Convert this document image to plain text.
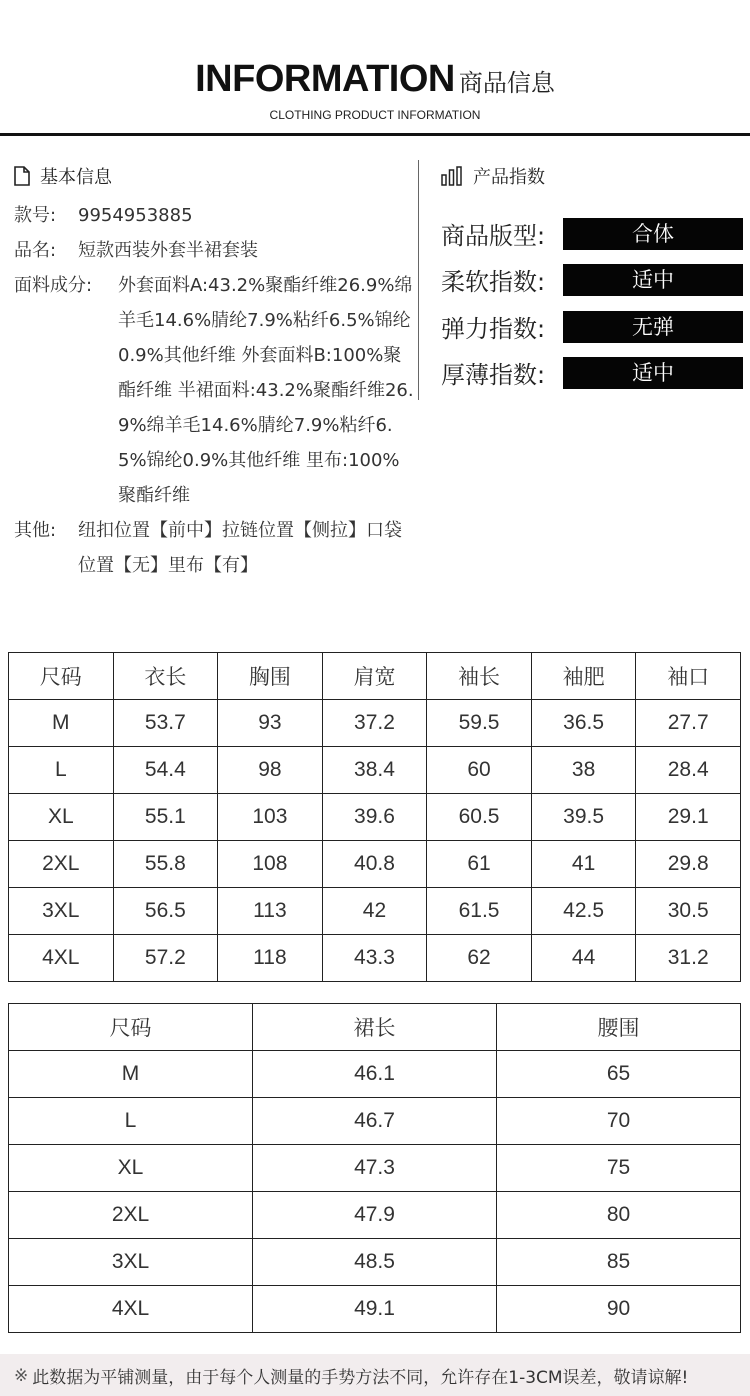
INFORMATION 商品信息
CLOTHING PRODUCT INFORMATION
基本信息
款号:	9954953885
品名:	短款西装外套半裙套装
面料成分:	外套面料A:43.2%聚酯纤维26.9%绵羊毛14.6%腈纶7.9%粘纤6.5%锦纶0.9%其他纤维 外套面料B:100%聚酯纤维 半裙面料:43.2%聚酯纤维26.9%绵羊毛14.6%腈纶7.9%粘纤6.5%锦纶0.9%其他纤维 里布:100%聚酯纤维
其他:	纽扣位置【前中】拉链位置【侧拉】口袋位置【无】里布【有】
产品指数
商品版型:	合体
柔软指数:	适中
弹力指数:	无弹
厚薄指数:	适中
尺码	衣长	胸围	肩宽	袖长	袖肥	袖口
M	53.7	93	37.2	59.5	36.5	27.7
L	54.4	98	38.4	60	38	28.4
XL	55.1	103	39.6	60.5	39.5	29.1
2XL	55.8	108	40.8	61	41	29.8
3XL	56.5	113	42	61.5	42.5	30.5
4XL	57.2	118	43.3	62	44	31.2
尺码	裙长	腰围
M	46.1	65
L	46.7	70
XL	47.3	75
2XL	47.9	80
3XL	48.5	85
4XL	49.1	90
※ 此数据为平铺测量，由于每个人测量的手势方法不同，允许存在1-3CM误差，敬请谅解!
